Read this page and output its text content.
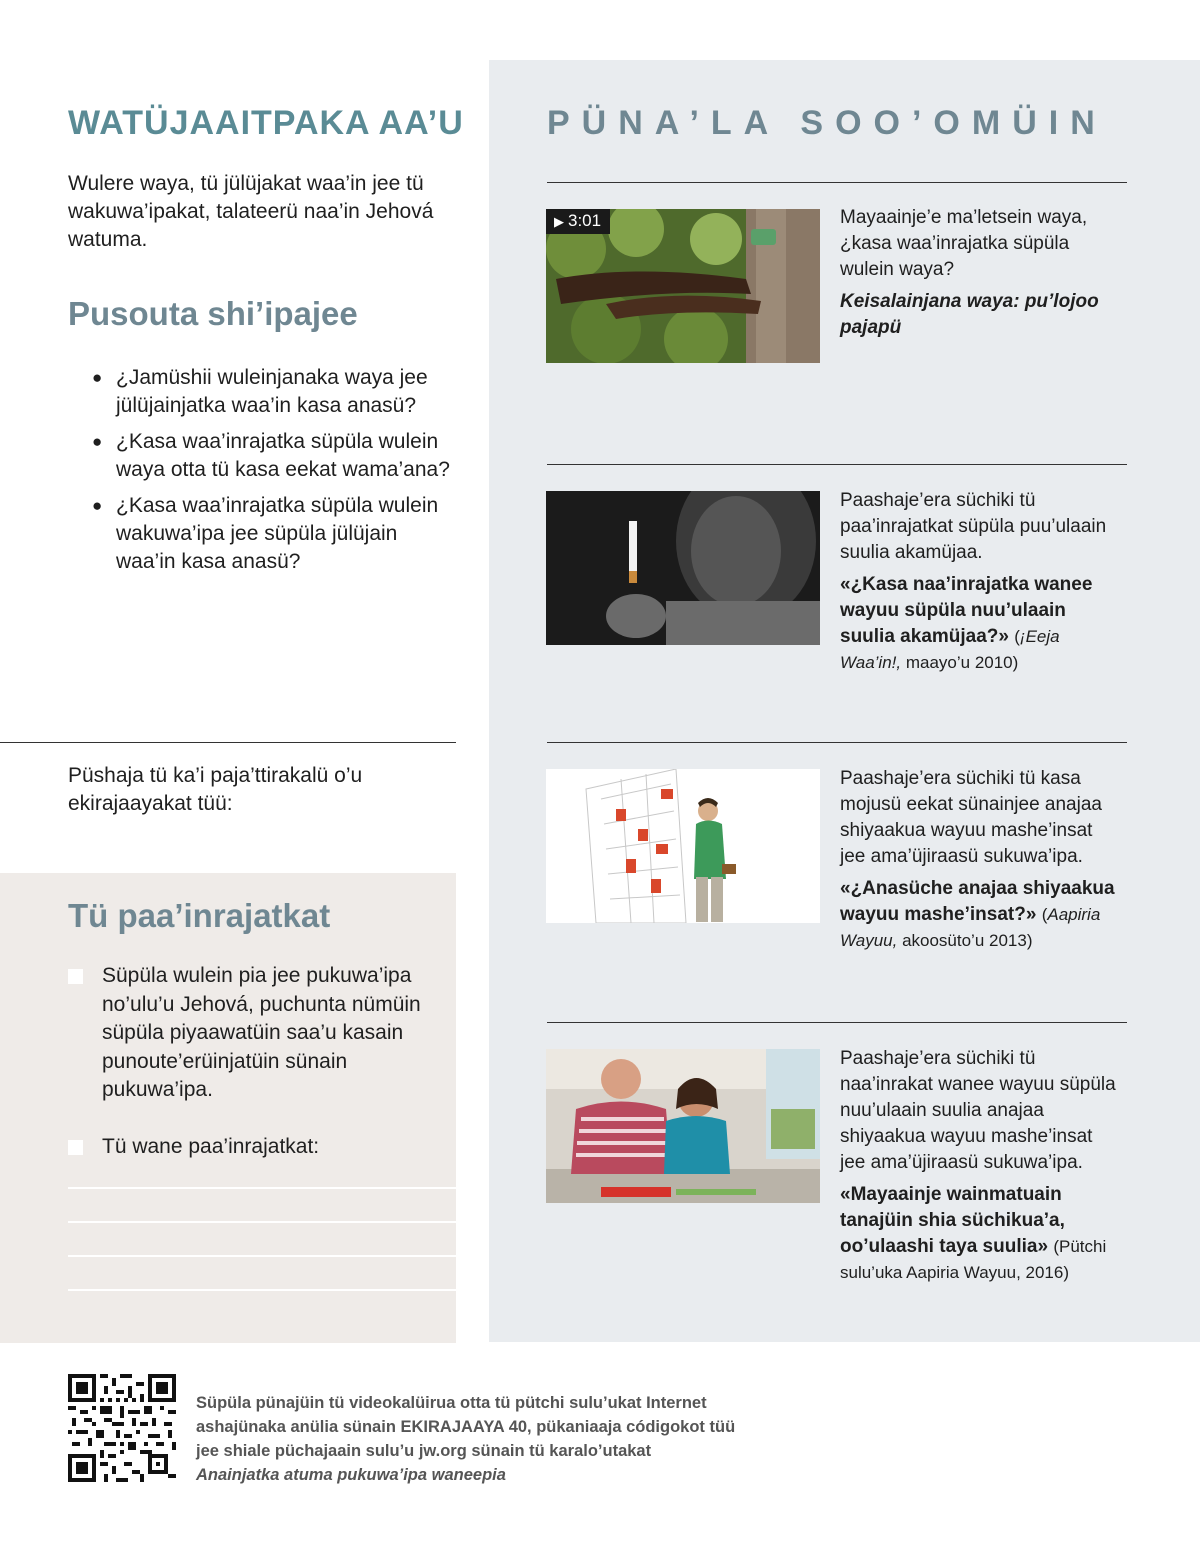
WATÜJAAITPAKA AA’U
Wulere waya, tü jülüjakat waa’in jee tü wakuwa’ipakat, talateerü naa’in Jehová watuma.
Pusouta shi’ipajee
● ¿Jamüshii wuleinjanaka waya jee jülüjainjatka waa’in kasa anasü?
● ¿Kasa waa’inrajatka süpüla wulein waya otta tü kasa eekat wama’ana?
● ¿Kasa waa’inrajatka süpüla wulein wakuwa’ipa jee süpüla jülüjain waa’in kasa anasü?
Püshaja tü ka’i paja’ttirakalü o’u ekirajaayakat tüü:
Tü paa’inrajatkat
Süpüla wulein pia jee pukuwa’ipa no’ulu’u Jehová, puchunta nümüin süpüla piyaawatüin saa’u kasain punoute’erüinjatüin sünain pukuwa’ipa.
Tü wane paa’inrajatkat:
PÜNA’LA SOO’OMÜIN
▶ 3:01	Mayaainje’e ma’letsein waya, ¿kasa waa’inrajatka süpüla wulein waya?
Keisalainjana waya: pu’lojoo pajapü
Paashaje’era süchiki tü paa’inrajatkat süpüla puu’ulaain suulia akamüjaa.
«¿Kasa naa’inrajatka wanee wayuu süpüla nuu’ulaain suulia akamüjaa?» (¡Eeja Waa’in!, maayo’u 2010)
Paashaje’era süchiki tü kasa mojusü eekat sünainjee anajaa shiyaakua wayuu mashe’insat jee ama’üjiraasü sukuwa’ipa.
«¿Anasüche anajaa shiyaakua wayuu mashe’insat?» (Aapiria Wayuu, akoosüto’u 2013)
Paashaje’era süchiki tü naa’inrakat wanee wayuu süpüla nuu’ulaain suulia anajaa shiyaakua wayuu mashe’insat jee ama’üjiraasü sukuwa’ipa.
«Mayaainje wainmatuain tanajüin shia süchikua’a, oo’ulaashi taya suulia» (Pütchi sulu’uka Aapiria Wayuu, 2016)
Süpüla pünajüin tü videokalüirua otta tü pütchi sulu’ukat Internet ashajünaka anülia sünain EKIRAJAAYA 40, pükaniaaja códigokot tüü jee shiale püchajaain sulu’u jw.org sünain tü karalo’utakat
Anainjatka atuma pukuwa’ipa waneepia
